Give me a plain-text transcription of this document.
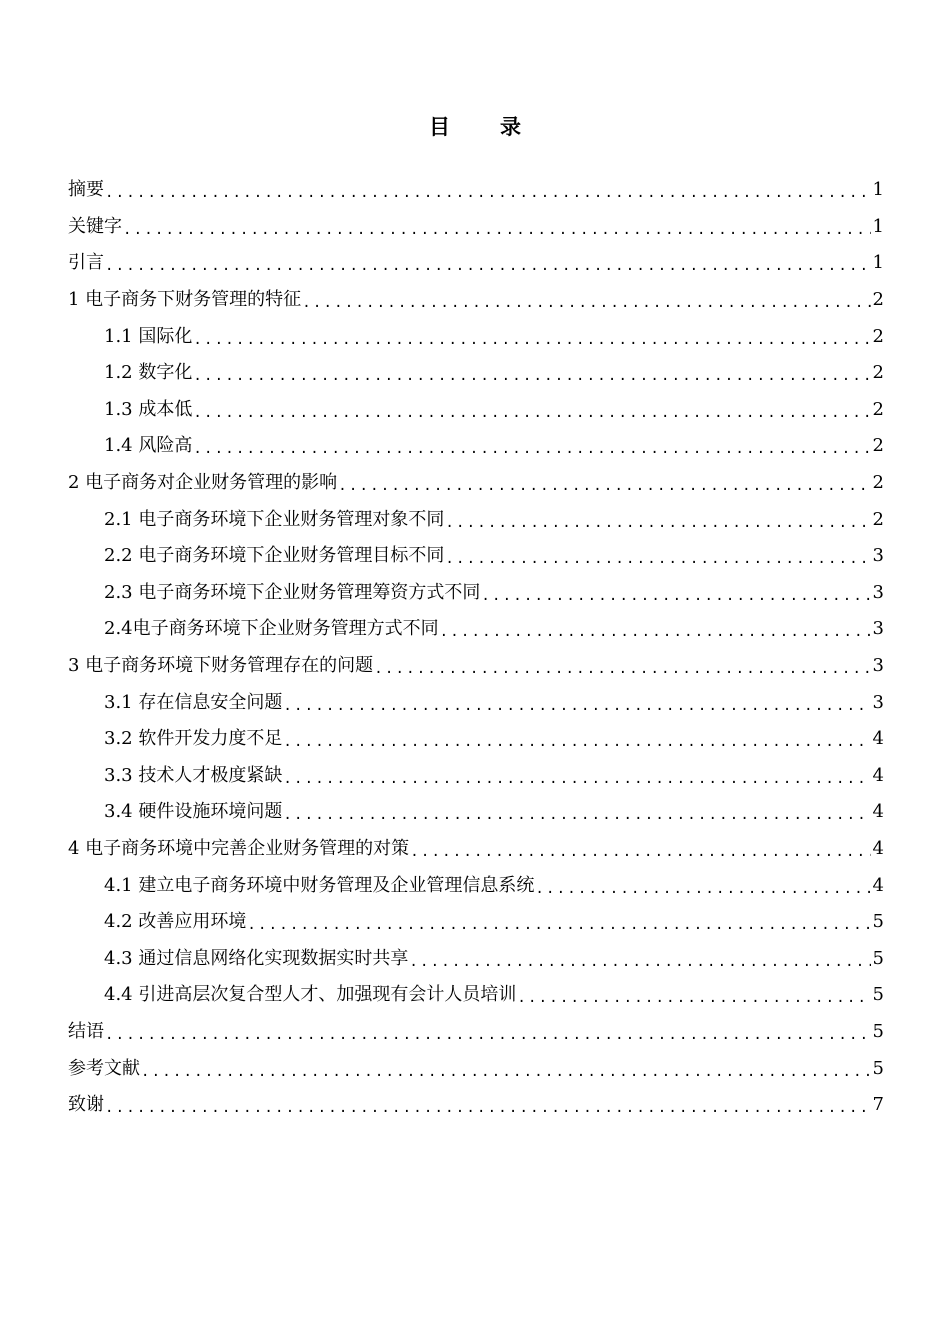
目 录
摘要 .....	1
关键字 .....	1
引言 .....	1
1 电子商务下财务管理的特征 .....	2
1.1 国际化 .....	2
1.2 数字化 .....	2
1.3 成本低 .....	2
1.4 风险高 .....	2
2 电子商务对企业财务管理的影响 .....	2
2.1 电子商务环境下企业财务管理对象不同 .....	2
2.2 电子商务环境下企业财务管理目标不同 .....	3
2.3 电子商务环境下企业财务管理筹资方式不同 .....	3
2.4电子商务环境下企业财务管理方式不同 .....	3
3 电子商务环境下财务管理存在的问题 .....	3
3.1 存在信息安全问题 .....	3
3.2 软件开发力度不足 .....	4
3.3 技术人才极度紧缺 .....	4
3.4 硬件设施环境问题 .....	4
4 电子商务环境中完善企业财务管理的对策 .....	4
4.1 建立电子商务环境中财务管理及企业管理信息系统 .....	4
4.2 改善应用环境 .....	5
4.3 通过信息网络化实现数据实时共享 .....	5
4.4 引进高层次复合型人才、加强现有会计人员培训 .....	5
结语 .....	5
参考文献 .....	5
致谢 .....	7
